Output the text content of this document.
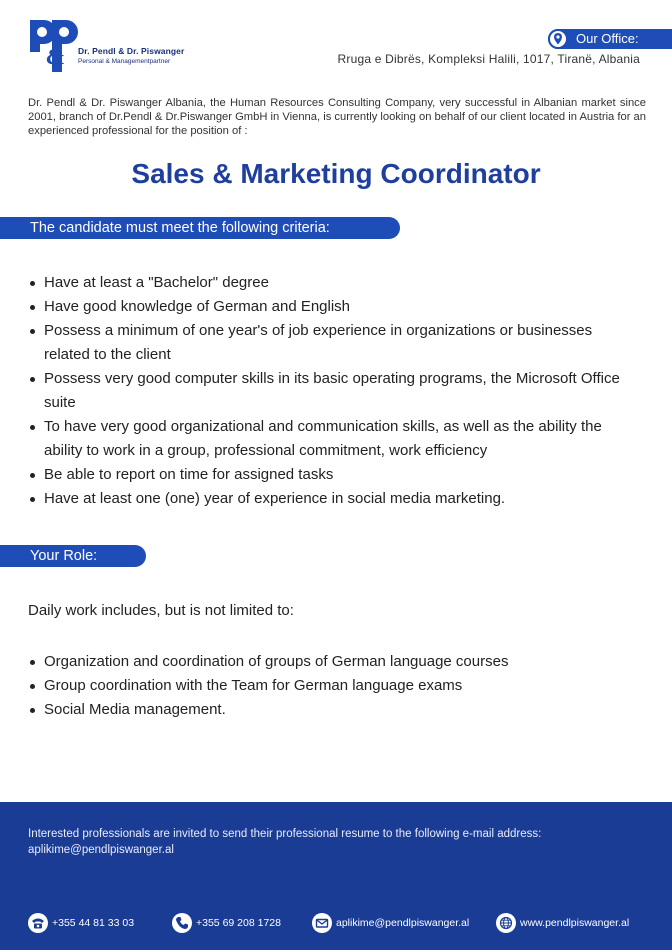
& Dr. Pendl & Dr. Piswanger
Personal & Managementpartner
Our Office:
Rruga e Dibrës, Kompleksi Halili, 1017, Tiranë, Albania
Dr. Pendl & Dr. Piswanger Albania, the Human Resources Consulting Company, very successful in Albanian market since 2001, branch of Dr.Pendl & Dr.Piswanger GmbH in Vienna, is currently looking on behalf of our client located in Austria for an experienced professional for the position of :
Sales & Marketing Coordinator
The candidate must meet the following criteria:
Have at least a "Bachelor" degree
Have good knowledge of German and English
Possess a minimum of one year's of job experience in organizations or businesses related to the client
Possess very good computer skills in its basic operating programs, the Microsoft Office suite
To have very good organizational and communication skills, as well as the ability the ability to work in a group, professional commitment, work efficiency
Be able to report on time for assigned tasks
Have at least one (one) year of experience in social media marketing.
Your Role:
Daily work includes, but is not limited to:
Organization and coordination of groups of German language courses
Group coordination with the Team for German language exams
Social Media management.
Interested professionals are invited to send their professional resume to the following e-mail address: aplikime@pendlpiswanger.al
+355 44 81 33 03	+355 69 208 1728	aplikime@pendlpiswanger.al	www.pendlpiswanger.al
